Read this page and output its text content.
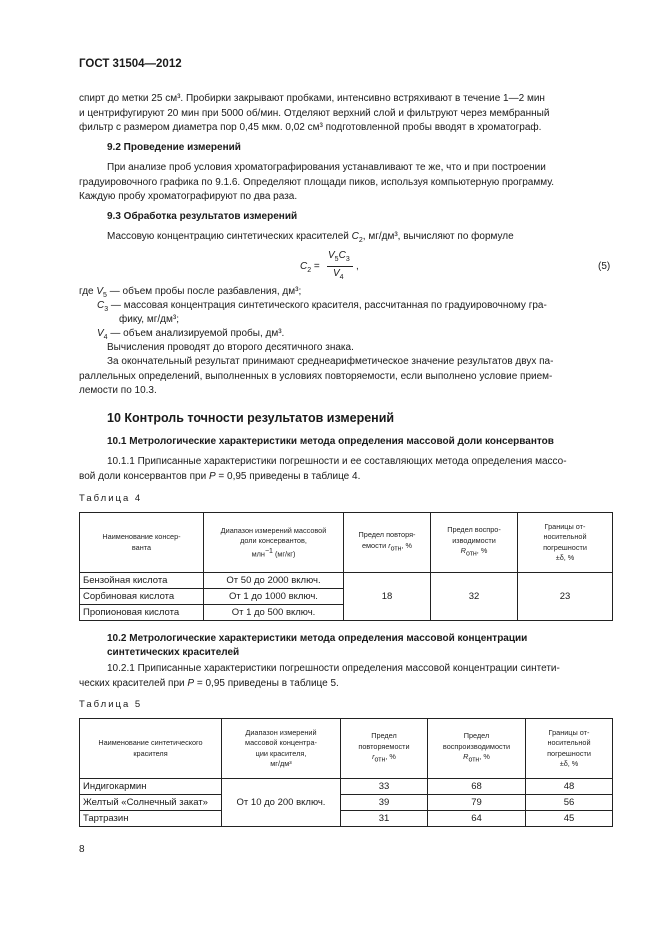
ГОСТ 31504—2012
спирт до метки 25 см³. Пробирки закрывают пробками, интенсивно встряхивают в течение 1—2 мин
и центрифугируют 20 мин при 5000 об/мин. Отделяют верхний слой и фильтруют через мембранный
фильтр с размером диаметра пор 0,45 мкм. 0,02 см³ подготовленной пробы вводят в хроматограф.
9.2 Проведение измерений
При анализе проб условия хроматографирования устанавливают те же, что и при построении
градуировочного графика по 9.1.6. Определяют площади пиков, используя компьютерную программу.
Каждую пробу хроматографируют по два раза.
9.3 Обработка результатов измерений
Массовую концентрацию синтетических красителей $C_2$, мг/дм³, вычисляют по формуле
$C_2$ =
$V_5C_3$
$V_4$
,	(5)
где $V_5$ — объем пробы после разбавления, дм³;
$C_3$ — массовая концентрация синтетического красителя, рассчитанная по градуировочному гра-
фику, мг/дм³;
$V_4$ — объем анализируемой пробы, дм³.
Вычисления проводят до второго десятичного знака.
За окончательный результат принимают среднеарифметическое значение результатов двух па-
раллельных определений, выполненных в условиях повторяемости, если выполнено условие прием-
лемости по 10.3.
10 Контроль точности результатов измерений
10.1 Метрологические характеристики метода определения массовой доли консервантов
10.1.1 Приписанные характеристики погрешности и ее составляющих метода определения массо-
вой доли консервантов при P = 0,95 приведены в таблице 4.
Таблица 4
Наименование консер-
ванта	Диапазон измерений массовой
доли консервантов,
млн$^{-1}$ (мг/кг)	Предел повторя-
емости $r_{отн}$, %	Предел воспро-
изводимости
$R_{отн}$, %	Границы от-
носительной
погрешности
±δ, %
Бензойная кислота	От 50 до 2000 включ.	18	32	23
Сорбиновая кислота	От 1 до 1000 включ.			
Пропионовая кислота	От 1 до 500 включ.			
10.2 Метрологические характеристики метода определения массовой концентрации
синтетических красителей
10.2.1 Приписанные характеристики погрешности определения массовой концентрации синтети-
ческих красителей при P = 0,95 приведены в таблице 5.
Таблица 5
Наименование синтетического
красителя	Диапазон измерений
массовой концентра-
ции красителя,
мг/дм³	Предел
повторяемости
$r_{отн}$, %	Предел
воспроизводимости
$R_{отн}$, %	Границы от-
носительной
погрешности
±δ, %
Индигокармин	От 10 до 200 включ.	33	68	48
Желтый «Солнечный закат»		39	79	56
Тартразин		31	64	45
8
